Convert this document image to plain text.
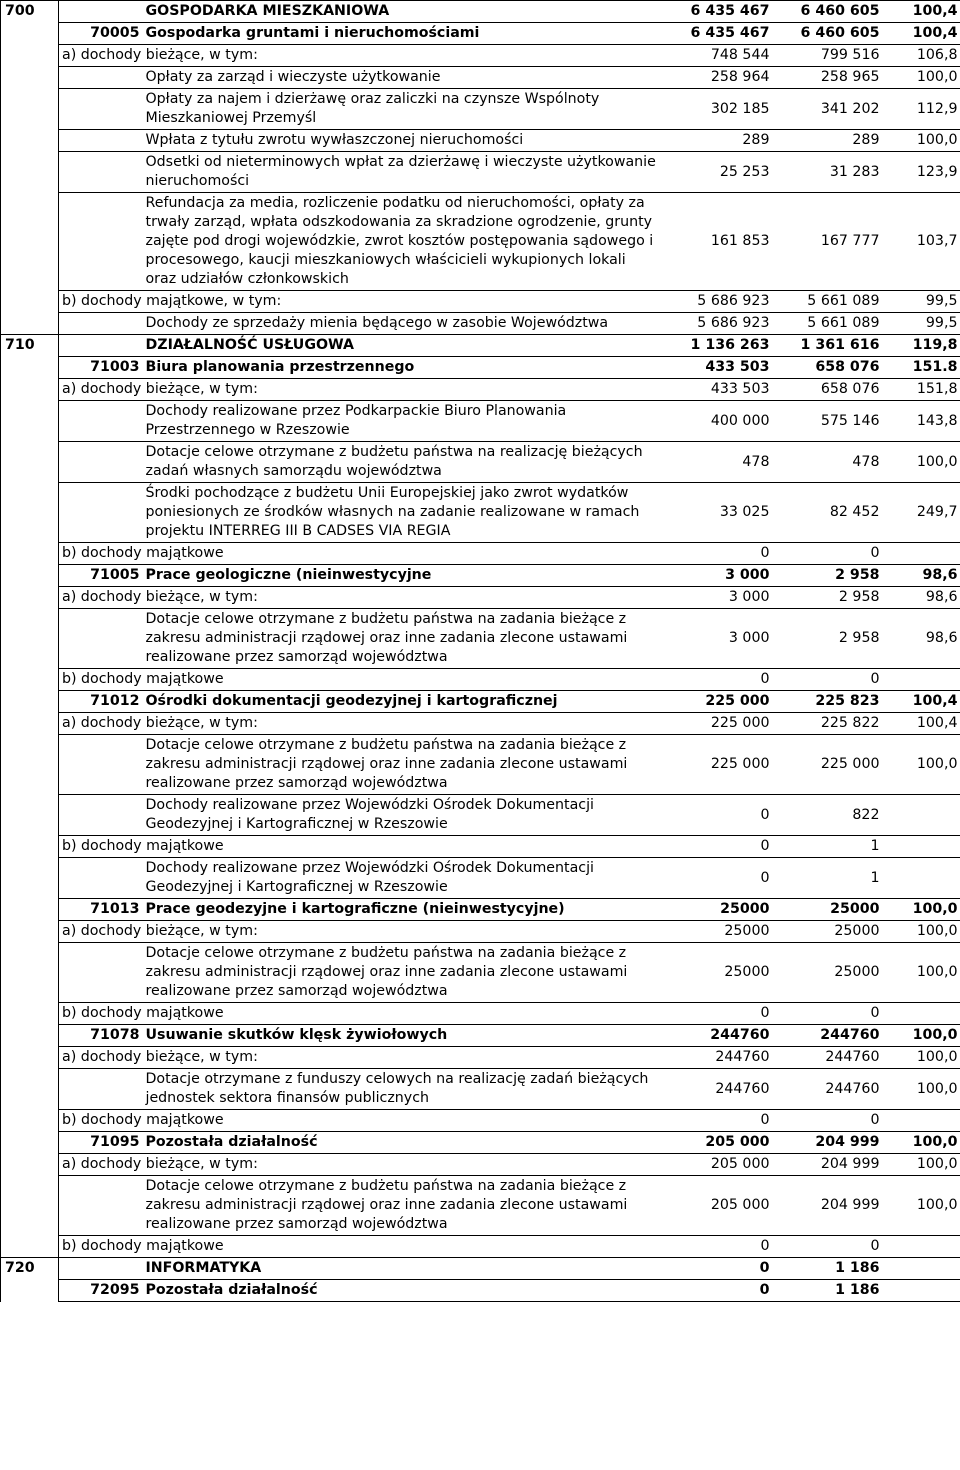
700		GOSPODARKA MIESZKANIOWA	6 435 467	6 460 605	100,4
	70005	Gospodarka gruntami i nieruchomościami	6 435 467	6 460 605	100,4
	a) dochody bieżące, w tym:		748 544	799 516	106,8
		Opłaty za zarząd i wieczyste użytkowanie	258 964	258 965	100,0
		Opłaty za najem i dzierżawę oraz zaliczki na czynsze Wspólnoty Mieszkaniowej Przemyśl	302 185	341 202	112,9
		Wpłata z tytułu zwrotu wywłaszczonej nieruchomości	289	289	100,0
		Odsetki od nieterminowych wpłat za dzierżawę i wieczyste użytkowanie nieruchomości	25 253	31 283	123,9
		Refundacja za media, rozliczenie podatku od nieruchomości, opłaty za trwały zarząd, wpłata odszkodowania za skradzione ogrodzenie, grunty zajęte pod drogi wojewódzkie, zwrot kosztów postępowania sądowego i procesowego, kaucji mieszkaniowych właścicieli wykupionych lokali oraz udziałów członkowskich	161 853	167 777	103,7
	b) dochody majątkowe, w tym:		5 686 923	5 661 089	99,5
		Dochody ze sprzedaży mienia będącego w zasobie Województwa	5 686 923	5 661 089	99,5
710		DZIAŁALNOŚĆ USŁUGOWA	1 136 263	1 361 616	119,8
	71003	Biura planowania przestrzennego	433 503	658 076	151.8
	a) dochody bieżące, w tym:		433 503	658 076	151,8
		Dochody realizowane przez Podkarpackie Biuro Planowania Przestrzennego w Rzeszowie	400 000	575 146	143,8
		Dotacje celowe otrzymane z budżetu państwa na realizację bieżących zadań własnych samorządu województwa	478	478	100,0
		Środki pochodzące z budżetu Unii Europejskiej jako zwrot wydatków poniesionych ze środków własnych na zadanie realizowane w ramach projektu INTERREG III B CADSES VIA REGIA	33 025	82 452	249,7
	b) dochody majątkowe		0	0	
	71005	Prace geologiczne (nieinwestycyjne	3 000	2 958	98,6
	a) dochody bieżące, w tym:		3 000	2 958	98,6
		Dotacje celowe otrzymane z budżetu państwa na zadania bieżące z zakresu administracji rządowej oraz inne zadania zlecone ustawami realizowane przez samorząd województwa	3 000	2 958	98,6
	b) dochody majątkowe		0	0	
	71012	Ośrodki dokumentacji geodezyjnej i kartograficznej	225 000	225 823	100,4
	a) dochody bieżące, w tym:		225 000	225 822	100,4
		Dotacje celowe otrzymane z budżetu państwa na zadania bieżące z zakresu administracji rządowej oraz inne zadania zlecone ustawami realizowane przez samorząd województwa	225 000	225 000	100,0
		Dochody realizowane przez Wojewódzki Ośrodek Dokumentacji Geodezyjnej i Kartograficznej w Rzeszowie	0	822	
	b) dochody majątkowe		0	1	
		Dochody realizowane przez Wojewódzki Ośrodek Dokumentacji Geodezyjnej i Kartograficznej w Rzeszowie	0	1	
	71013	Prace geodezyjne i kartograficzne (nieinwestycyjne)	25000	25000	100,0
	a) dochody bieżące, w tym:		25000	25000	100,0
		Dotacje celowe otrzymane z budżetu państwa na zadania bieżące z zakresu administracji rządowej oraz inne zadania zlecone ustawami realizowane przez samorząd województwa	25000	25000	100,0
	b) dochody majątkowe		0	0	
	71078	Usuwanie skutków klęsk żywiołowych	244760	244760	100,0
	a) dochody bieżące, w tym:		244760	244760	100,0
		Dotacje otrzymane z funduszy celowych na realizację zadań bieżących jednostek sektora finansów publicznych	244760	244760	100,0
	b) dochody majątkowe		0	0	
	71095	Pozostała działalność	205 000	204 999	100,0
	a) dochody bieżące, w tym:		205 000	204 999	100,0
		Dotacje celowe otrzymane z budżetu państwa na zadania bieżące z zakresu administracji rządowej oraz inne zadania zlecone ustawami realizowane przez samorząd województwa	205 000	204 999	100,0
	b) dochody majątkowe		0	0	
720		INFORMATYKA	0	1 186	
	72095	Pozostała działalność	0	1 186	
